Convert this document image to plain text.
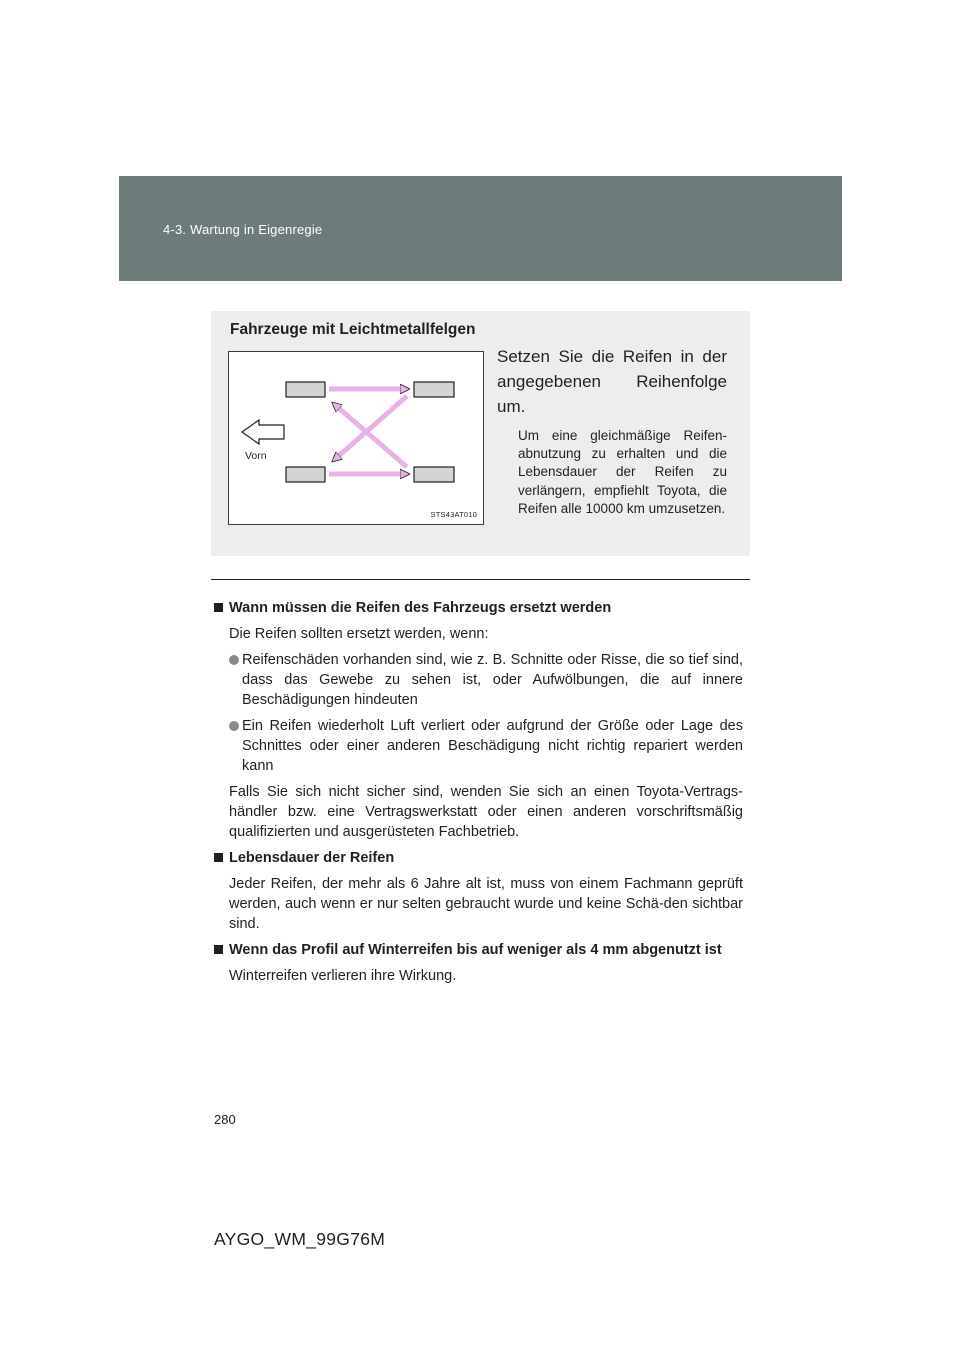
4-3. Wartung in Eigenregie
Fahrzeuge mit Leichtmetallfelgen
Vorn
STS43AT010
Setzen Sie die Reifen in der angegebenen Reihenfolge um.
Um eine gleichmäßige Reifen-abnutzung zu erhalten und die Lebensdauer der Reifen zu verlängern, empfiehlt Toyota, die Reifen alle 10000 km umzusetzen.
Wann müssen die Reifen des Fahrzeugs ersetzt werden
Die Reifen sollten ersetzt werden, wenn:
Reifenschäden vorhanden sind, wie z. B. Schnitte oder Risse, die so tief sind, dass das Gewebe zu sehen ist, oder Aufwölbungen, die auf innere Beschädigungen hindeuten
Ein Reifen wiederholt Luft verliert oder aufgrund der Größe oder Lage des Schnittes oder einer anderen Beschädigung nicht richtig repariert werden kann
Falls Sie sich nicht sicher sind, wenden Sie sich an einen Toyota-Vertrags-händler bzw. eine Vertragswerkstatt oder einen anderen vorschriftsmäßig qualifizierten und ausgerüsteten Fachbetrieb.
Lebensdauer der Reifen
Jeder Reifen, der mehr als 6 Jahre alt ist, muss von einem Fachmann geprüft werden, auch wenn er nur selten gebraucht wurde und keine Schä-den sichtbar sind.
Wenn das Profil auf Winterreifen bis auf weniger als 4 mm abgenutzt ist
Winterreifen verlieren ihre Wirkung.
280
AYGO_WM_99G76M
